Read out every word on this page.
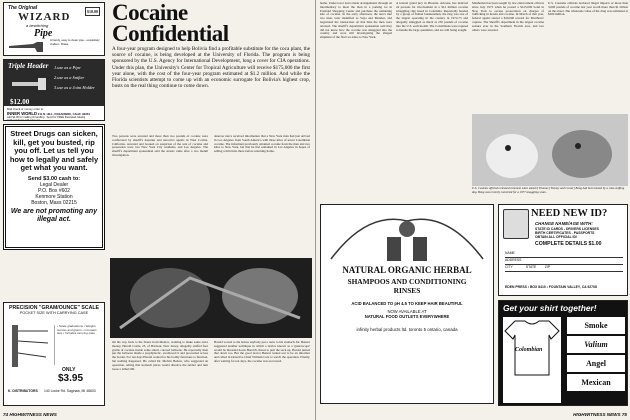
The Original
WIZARD
a bewitching
Pipe
A handy, easy to clean pipe - exquisitely crafted - Brass.
$10.00
Triple Header 1.use as a Pipe
2.use as a Snifter
3.use as a Joint Holder
$12.00
Mail check or money order to:
INNER WORLD 211 N. HILL, OCEANSIDE, CALIF. 92054
Add $1.00 for mailing & handling Send for FREE Illustrated catalog
Calif. residents add sales tax
Street Drugs can sicken, kill, get you busted, rip you off. Let us tell you how to legally and safely get what you want.
Send $3.00 cash to:
Legal Dealer
P.O. Box #602
Kenmore Station
Boston, Mass 02215
We are not promoting any illegal act.
PRECISION "GRAM/OUNCE" SCALE
POCKET SIZE WITH CARRYING CASE
• Scale graduations • Weighs ounces and grams • Compact size • Includes carrying case
ONLY
$3.95
K. DISTRIBUTORS 140 Locke Rd. Saginaw, MI 48603
Cocaine
Confidential
A four-year program designed to help Bolivia find a profitable substitute for the coca plant, the source of cocaine, is being developed at the University of Florida. The program is being sponsored by the U.S. Agency for International Development, long a cover for CIA operations. Under this plan, the University's Center for Tropical Agriculture will receive $175,000 the first year alone, with the cost of the four-year program estimated at $1.2 million. And while the Florida scientists attempt to come up with an economic surrogate for Bolivia's highest crop, busts on the real thing continue to come down.
Two persons were arrested and more than two pounds of cocaine were confiscated by sheriff's deputies and narcotics agents in West Covina, California. Arrested and booked on suspicion of the sale of cocaine and possession were two New York City residents, and Los Angeles. The sheriff's department spokesman said the arrests came after a two month investigation.
denover narcs received information that a New York man had just arrived in Los Angeles from South America with three kilos of uncut Colombian cocaine. The informant previously obtained cocaine from the man and two kilos to New York, but that he had remained in Los Angeles in hopes of selling a third kilo there before returning home.
On his way back to the States from Mexico, wanting to make some extra money, Harold Castle, 25, of Harbour, New Jersey, allegedly stuffed four grams of cocaine inside some small, colored balloons. He reportedly then put the balloons inside a prophylactic, swallowed it and proceeded across the border. For ten days Harold waited for his bodily functions to function, but nothing happened. He called Dr. Melvin Bedzer, who suggested an operation, telling that stomach juices would dissolve the rubber and turn loose a lethal OD.
Harold vowed to die before anybody put a razor to his stomach. Dr. Benzer suggested another technique in which a device known as a 'gastroscope' would be threaded down Harold's throat to pull the sack up. Harold turned that down too. But the good doctor Benzer turned out to be an informer and called in Detective Chief William Cole to watch the operation. Finally, after waiting for ten days, the cocaine was recovered.
74 HIGHWITNESS NEWS
home. Undercover narcs made arrangements through an intermediary to meet the man in a parking lot in Eastland Shopping Center and purchase the remaining kilo of cocaine. In the early afternoon, the narcs met two men, later identified as Vega and Mendez, and negotiated the transaction. At that time the men were arrested. The sheriff's department spokesman said they did not know how the cocaine was smuggled into the country and were still investigating the alleged shipment of the first two kilos to New York.
A federal grand jury in Phoenix, Arizona, has indicted 24 persons for involvement in a $12 million cocaine smuggling ring based in Colombia. Reportedly headed by a group of Italian businessmen, the ring was one of the largest operating in the country in 1974-75 and allegedly smuggled as much as 250 pounds of cocaine into the U.S. each month. The Colombians were reputed to handle the large quantities, and are still being sought.
Manhattan has been sought by law enforcement officers since July 1973 when he posted a $125,000 bond in New York to escape prosecution on charges of trafficking in heroin and cocaine. In March of that year, federal agents seized a $20,000 reward for Marthews' capture. The Sheriff's department in the largest cocaine seizure ever in the Southern Florida area, and two others were arrested.
U.S. Customs officials declared illegal imports of more than 3,000 pounds of cocaine last year worth more than $1 billion on the street. The wholesale value of the drug was estimated at $200 million.
U.S. Customs officials released comment when asked if Thomas ('Tommy and Cocoa') Bong had been busted by a coke-sniffing dog. Bong was recently convicted for a 1977 smuggling scam.
NATURAL ORGANIC HERBAL
SHAMPOOS AND CONDITIONING RINSES
ACID BALANCED TO pH 4.5 TO KEEP HAIR BEAUTIFUL
NOW AVAILABLE AT
NATURAL FOOD OUTLETS EVERYWHERE
infinity herbal products ltd. toronto 5 ontario, canada
NEED NEW ID?
CHANGE NAME/AGE WITH:
STATE ID CARDS - DRIVERS LICENSES
BIRTH CERTIFICATES - PASSPORTS
OBTAIN ALL OFFICIAL ID!
COMPLETE DETAILS $1.00
NAME
ADDRESS
CITY	STATE ZIP
EDEN PRESS • BOX 8410 • FOUNTAIN VALLEY, CA 92708
Get your shirt together!
Colombian
Smoke
Valium
Angel
Mexican
HIGHWITNESS NEWS 75
